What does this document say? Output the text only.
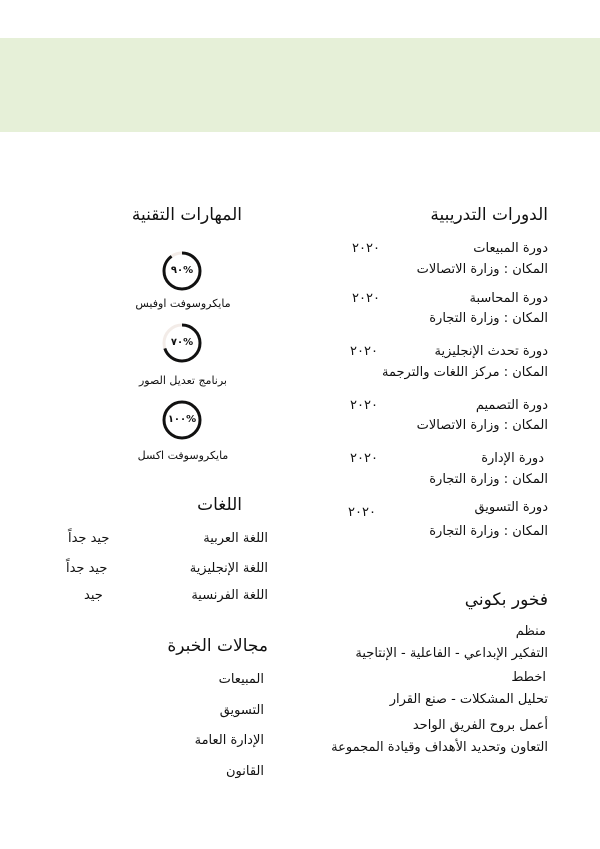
الدورات التدريبية
دورة المبيعات
٢٠٢٠
المكان : وزارة الاتصالات
دورة المحاسبة
٢٠٢٠
المكان : وزارة التجارة
دورة تحدث الإنجليزية
٢٠٢٠
المكان : مركز اللغات والترجمة
دورة التصميم
٢٠٢٠
المكان : وزارة الاتصالات
دورة الإدارة
٢٠٢٠
المكان : وزارة التجارة
دورة التسويق
٢٠٢٠
المكان : وزارة التجارة
فخور بكوني
منظم
التفكير الإبداعي - الفاعلية - الإنتاجية
اخطط
تحليل المشكلات - صنع القرار
أعمل بروح الفريق الواحد
التعاون وتحديد الأهداف وقيادة المجموعة
المهارات التقنية
%٩٠
مايكروسوفت اوفيس
%٧٠
برنامج تعديل الصور
%١٠٠
مايكروسوفت اكسل
اللغات
اللغة العربية
جيد جداً
اللغة الإنجليزية
جيد جداً
اللغة الفرنسية
جيد
مجالات الخبرة
المبيعات
التسويق
الإدارة العامة
القانون
